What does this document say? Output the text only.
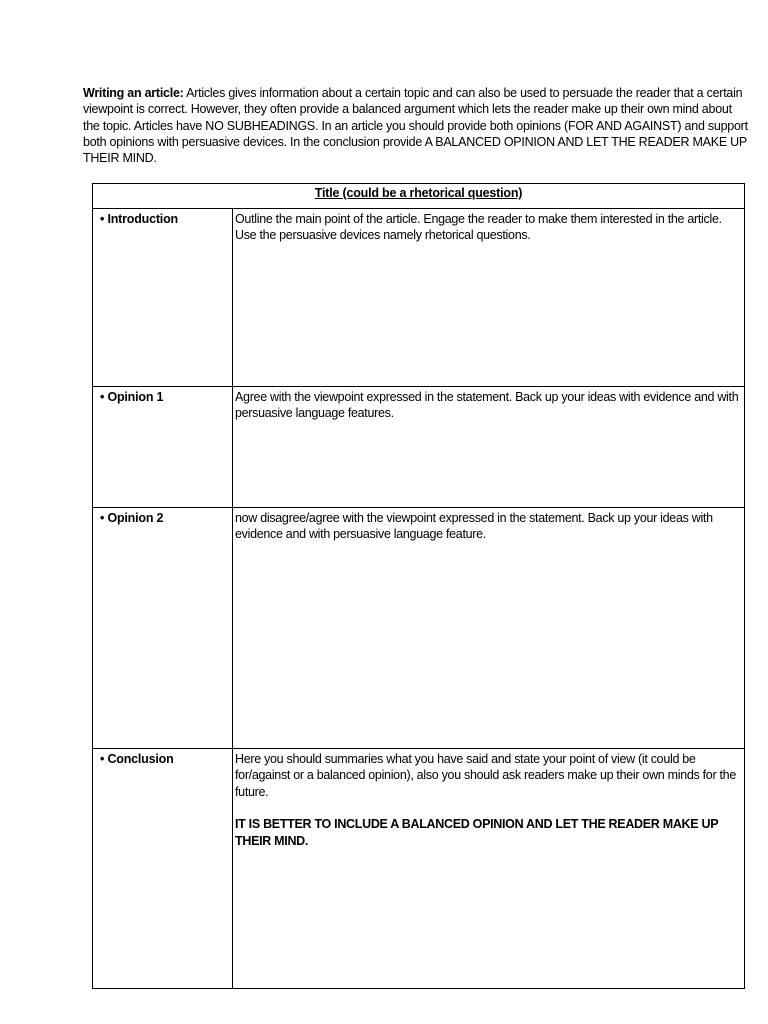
Writing an article: Articles gives information about a certain topic and can also be used to persuade the reader that a certain viewpoint is correct. However, they often provide a balanced argument which lets the reader make up their own mind about the topic. Articles have NO SUBHEADINGS. In an article you should provide both opinions (FOR AND AGAINST) and support both opinions with persuasive devices. In the conclusion provide A BALANCED OPINION AND LET THE READER MAKE UP THEIR MIND.
Title (could be a rhetorical question)
• Introduction	Outline the main point of the article. Engage the reader to make them interested in the article. Use the persuasive devices namely rhetorical questions.

• Opinion 1	Agree with the viewpoint expressed in the statement. Back up your ideas with evidence and with persuasive language features.

• Opinion 2	now disagree/agree with the viewpoint expressed in the statement. Back up your ideas with evidence and with persuasive language feature.

• Conclusion	Here you should summaries what you have said and state your point of view (it could be for/against or a balanced opinion), also you should ask readers make up their own minds for the future.

IT IS BETTER TO INCLUDE A BALANCED OPINION AND LET THE READER MAKE UP THEIR MIND.
